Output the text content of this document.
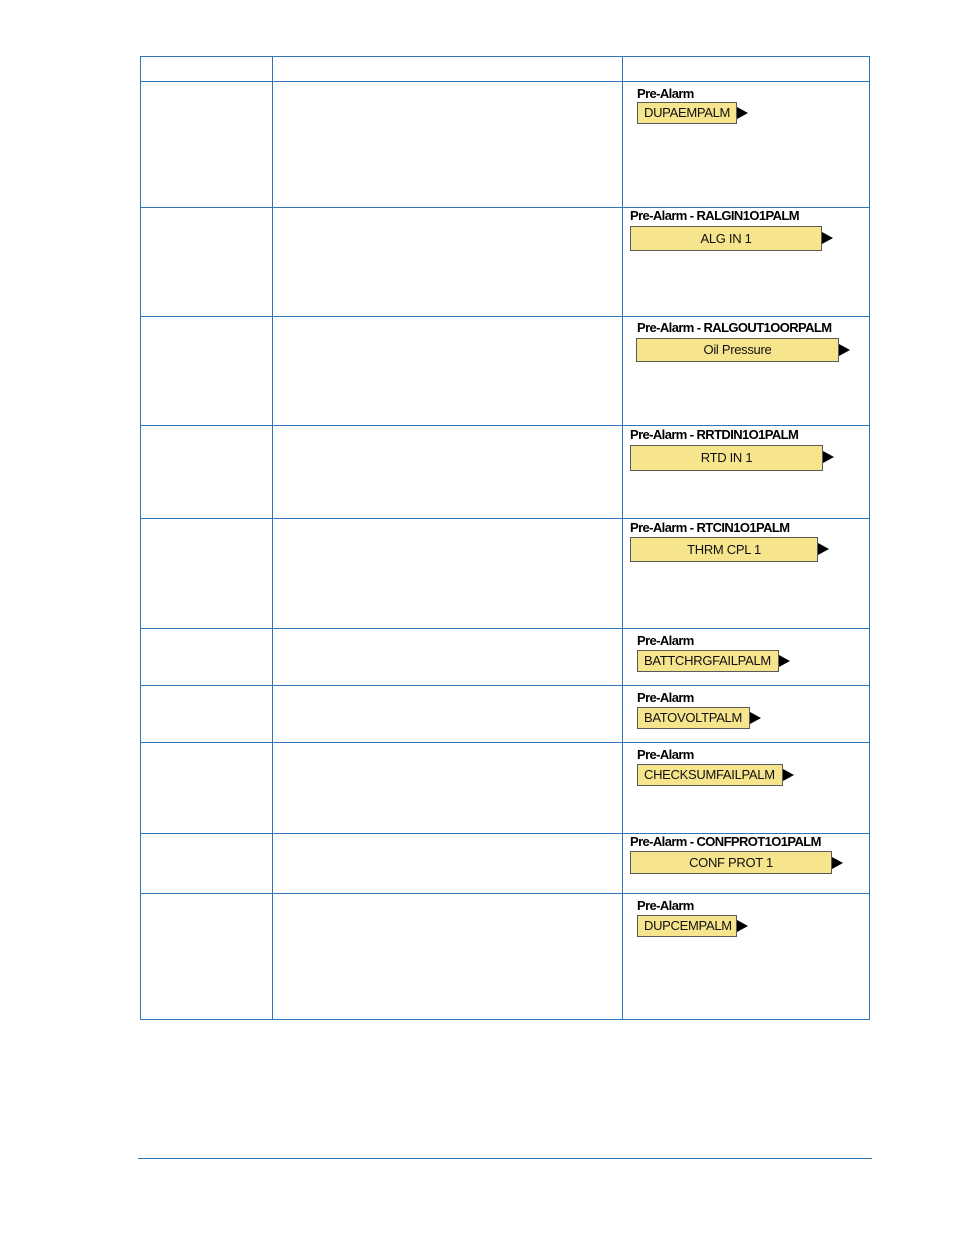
Pre-Alarm
DUPAEMPALM
Pre-Alarm - RALGIN1O1PALM
ALG IN 1
Pre-Alarm - RALGOUT1OORPALM
Oil Pressure
Pre-Alarm - RRTDIN1O1PALM
RTD IN 1
Pre-Alarm - RTCIN1O1PALM
THRM CPL 1
Pre-Alarm
BATTCHRGFAILPALM
Pre-Alarm
BATOVOLTPALM
Pre-Alarm
CHECKSUMFAILPALM
Pre-Alarm - CONFPROT1O1PALM
CONF PROT 1
Pre-Alarm
DUPCEMPALM
